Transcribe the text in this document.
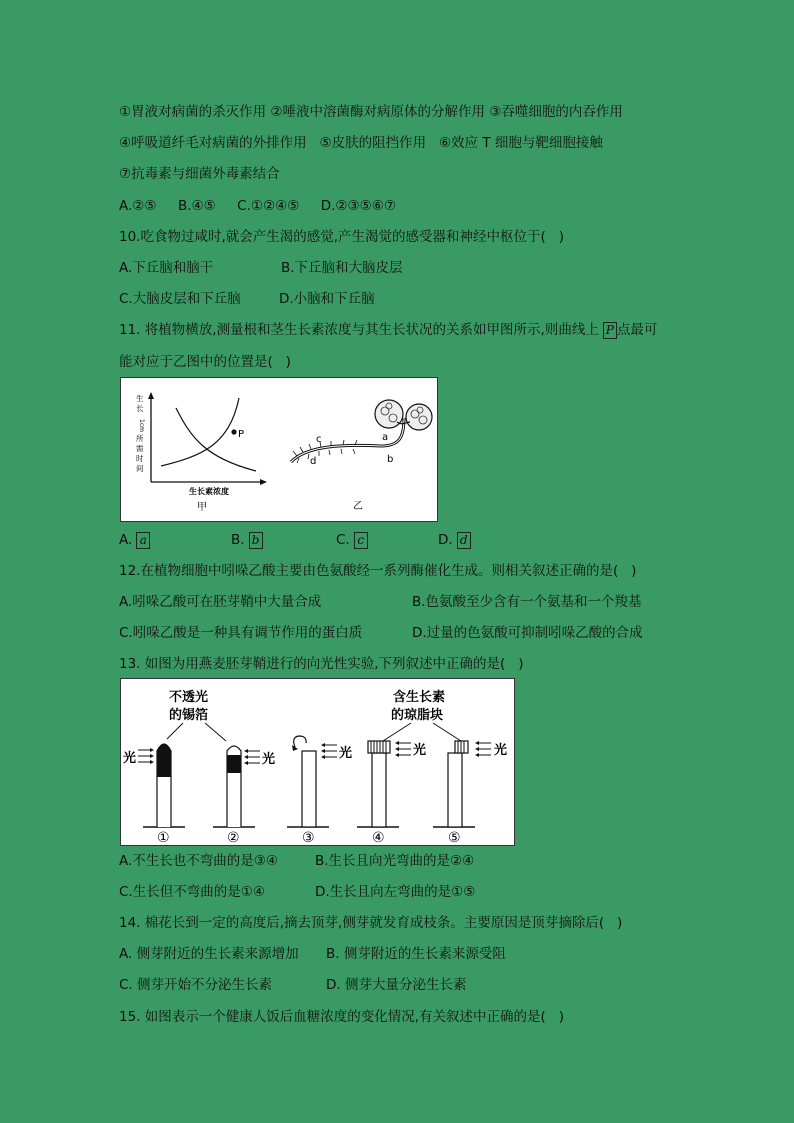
①胃液对病菌的杀灭作用 ②唾液中溶菌酶对病原体的分解作用 ③吞噬细胞的内吞作用
④呼吸道纤毛对病菌的外排作用   ⑤皮肤的阻挡作用   ⑥效应 T 细胞与靶细胞接触
⑦抗毒素与细菌外毒素结合
A.②⑤     B.④⑤     C.①②④⑤     D.②③⑤⑥⑦
10.吃食物过咸时,就会产生渴的感觉,产生渴觉的感受器和神经中枢位于(   )
A.下丘脑和脑干	B.下丘脑和大脑皮层
C.大脑皮层和下丘脑	D.小脑和下丘脑
11. 将植物横放,测量根和茎生长素浓度与其生长状况的关系如甲图所示,则曲线上 P 点最可
能对应于乙图中的位置是(   )
P
生
长
1cm
所
需
时
间
生长素浓度
甲
c
d
a
b
乙
A. a	B. b	C. c	D. d
12.在植物细胞中吲哚乙酸主要由色氨酸经一系列酶催化生成。则相关叙述正确的是(   )
A.吲哚乙酸可在胚芽鞘中大量合成	B.色氨酸至少含有一个氨基和一个羧基
C.吲哚乙酸是一种具有调节作用的蛋白质	D.过量的色氨酸可抑制吲哚乙酸的合成
13. 如图为用燕麦胚芽鞘进行的向光性实验,下列叙述中正确的是(   )
不透光
的锡箔
含生长素
的琼脂块
光	光	光	光	光
①	②	③	④	⑤
A.不生长也不弯曲的是③④	B.生长且向光弯曲的是②④
C.生长但不弯曲的是①④	D.生长且向左弯曲的是①⑤
14. 棉花长到一定的高度后,摘去顶芽,侧芽就发育成枝条。主要原因是顶芽摘除后(   )
A. 侧芽附近的生长素来源增加 B. 侧芽附近的生长素来源受阻
C. 侧芽开始不分泌生长素	D. 侧芽大量分泌生长素
15. 如图表示一个健康人饭后血糖浓度的变化情况,有关叙述中正确的是(   )
